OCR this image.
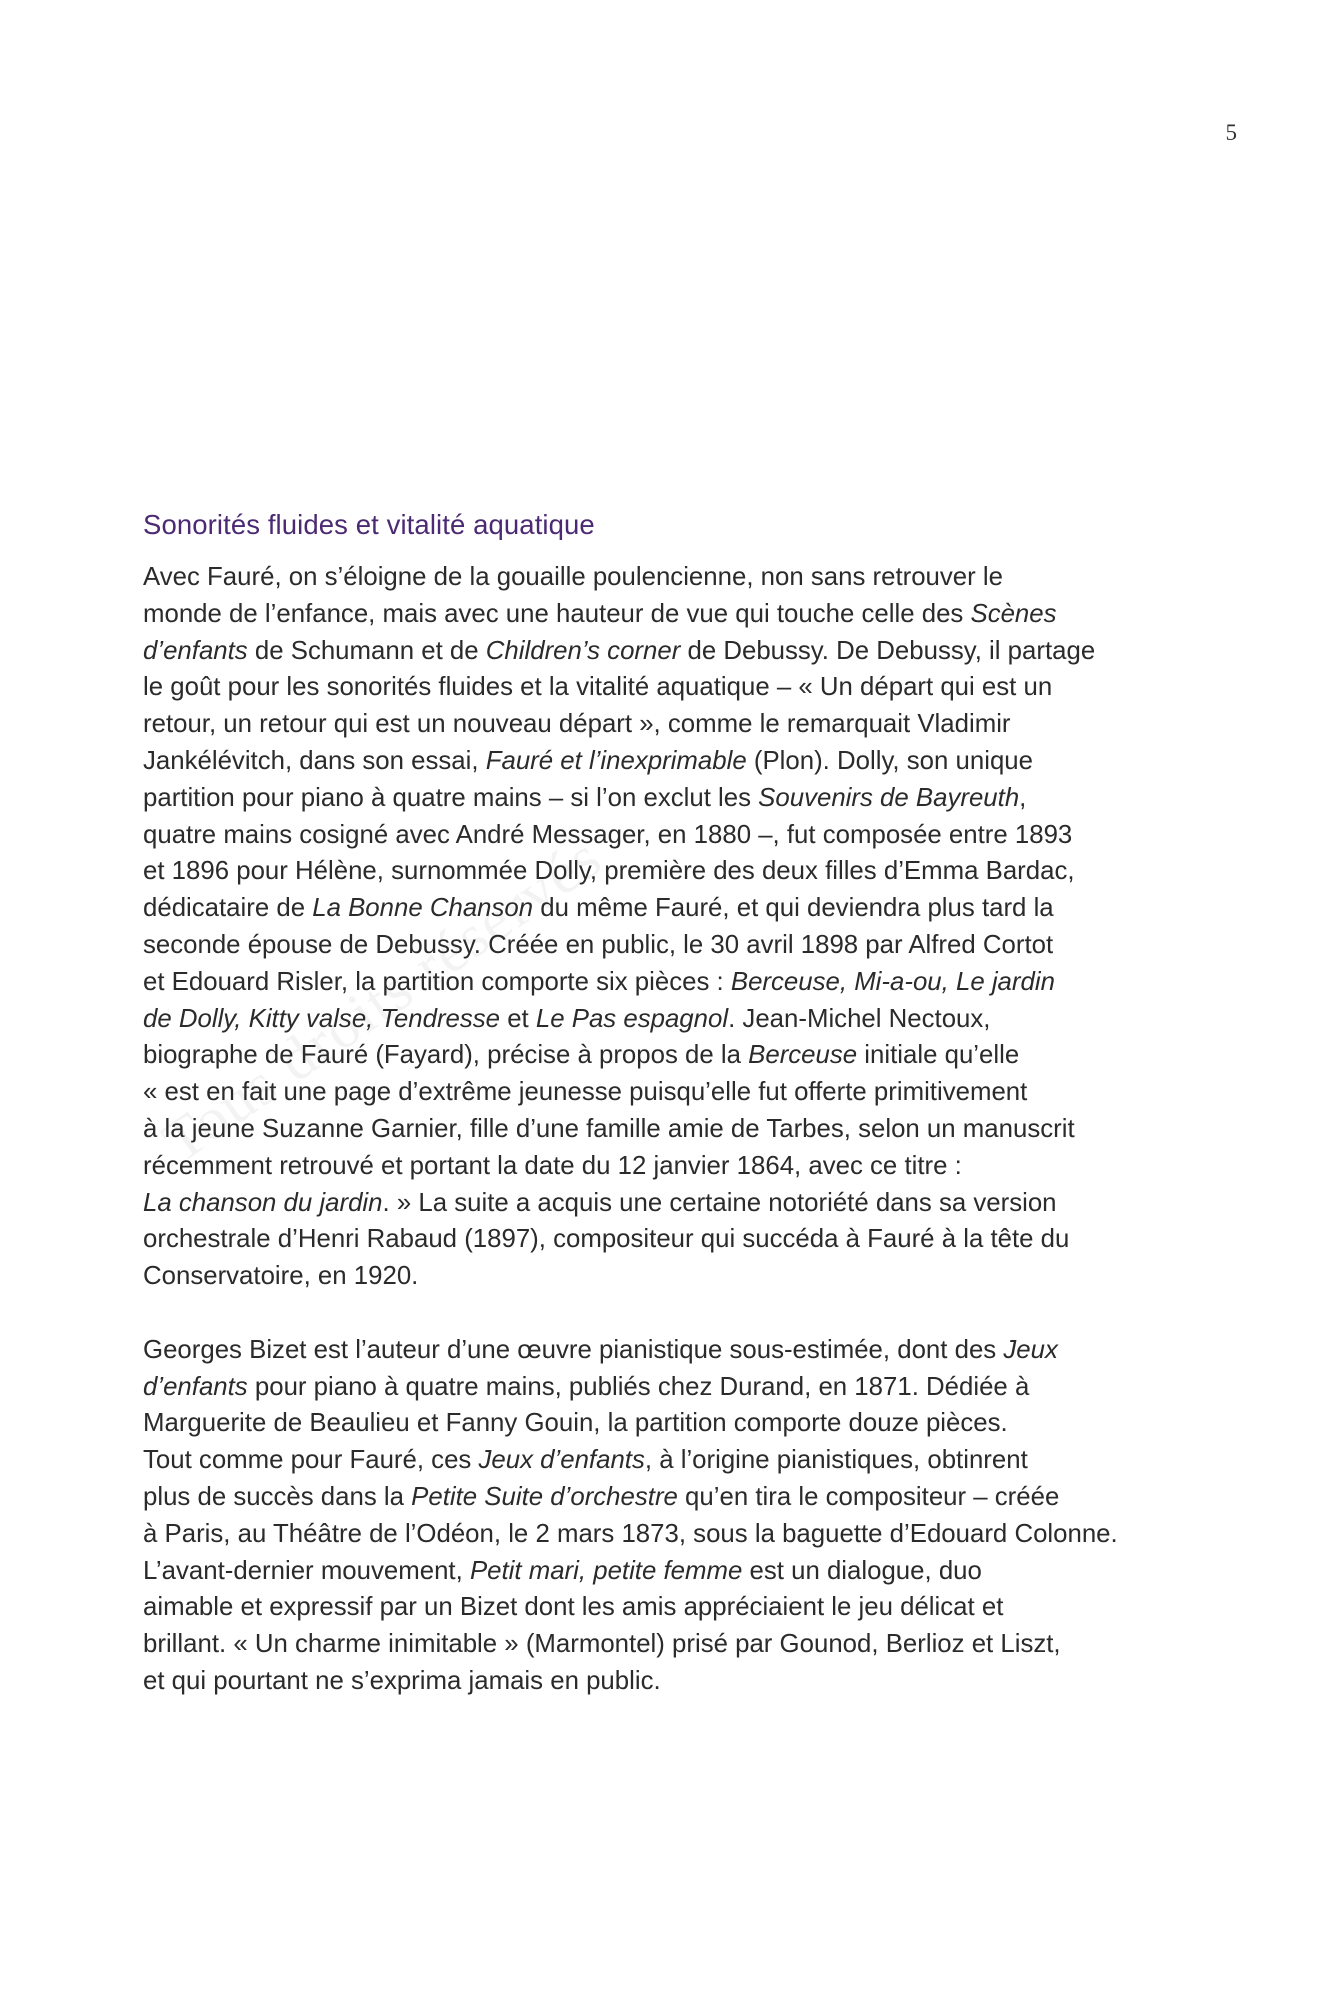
5
Sonorités fluides et vitalité aquatique

Avec Fauré, on s’éloigne de la gouaille poulencienne, non sans retrouver le
monde de l’enfance, mais avec une hauteur de vue qui touche celle des Scènes
d’enfants de Schumann et de Children’s corner de Debussy. De Debussy, il partage
le goût pour les sonorités fluides et la vitalité aquatique – « Un départ qui est un
retour, un retour qui est un nouveau départ », comme le remarquait Vladimir
Jankélévitch, dans son essai, Fauré et l’inexprimable (Plon). Dolly, son unique
partition pour piano à quatre mains – si l’on exclut les Souvenirs de Bayreuth,
quatre mains cosigné avec André Messager, en 1880 –, fut composée entre 1893
et 1896 pour Hélène, surnommée Dolly, première des deux filles d’Emma Bardac,
dédicataire de La Bonne Chanson du même Fauré, et qui deviendra plus tard la
seconde épouse de Debussy. Créée en public, le 30 avril 1898 par Alfred Cortot
et Edouard Risler, la partition comporte six pièces : Berceuse, Mi-a-ou, Le jardin
de Dolly, Kitty valse, Tendresse et Le Pas espagnol. Jean-Michel Nectoux,
biographe de Fauré (Fayard), précise à propos de la Berceuse initiale qu’elle
« est en fait une page d’extrême jeunesse puisqu’elle fut offerte primitivement
à la jeune Suzanne Garnier, fille d’une famille amie de Tarbes, selon un manuscrit
récemment retrouvé et portant la date du 12 janvier 1864, avec ce titre :
La chanson du jardin. » La suite a acquis une certaine notoriété dans sa version
orchestrale d’Henri Rabaud (1897), compositeur qui succéda à Fauré à la tête du
Conservatoire, en 1920.

Georges Bizet est l’auteur d’une œuvre pianistique sous-estimée, dont des Jeux
d’enfants pour piano à quatre mains, publiés chez Durand, en 1871. Dédiée à
Marguerite de Beaulieu et Fanny Gouin, la partition comporte douze pièces.
Tout comme pour Fauré, ces Jeux d’enfants, à l’origine pianistiques, obtinrent
plus de succès dans la Petite Suite d’orchestre qu’en tira le compositeur – créée
à Paris, au Théâtre de l’Odéon, le 2 mars 1873, sous la baguette d’Edouard Colonne.
L’avant-dernier mouvement, Petit mari, petite femme est un dialogue, duo
aimable et expressif par un Bizet dont les amis appréciaient le jeu délicat et
brillant. « Un charme inimitable » (Marmontel) prisé par Gounod, Berlioz et Liszt,
et qui pourtant ne s’exprima jamais en public.
